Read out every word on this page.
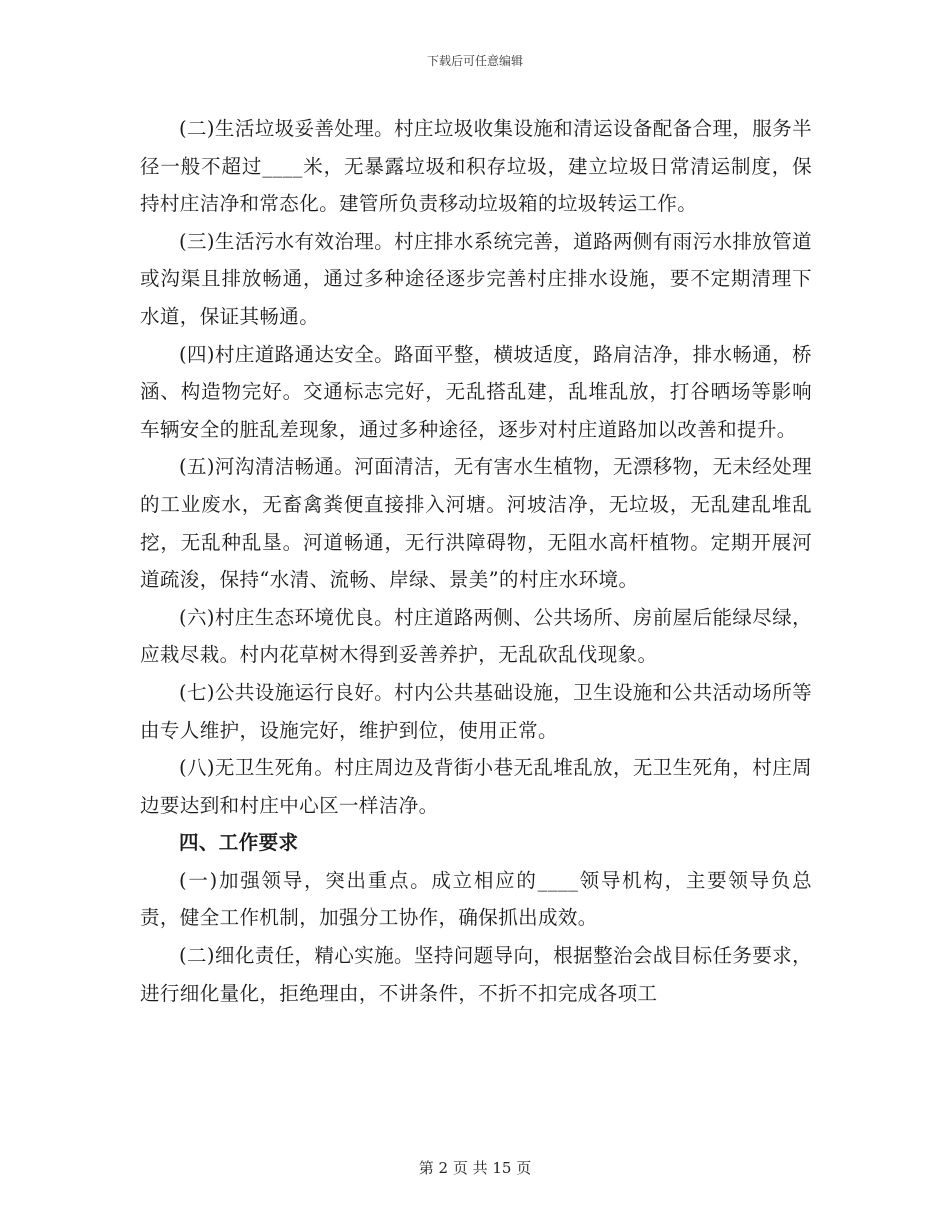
下载后可任意编辑

(二)生活垃圾妥善处理。村庄垃圾收集设施和清运设备配备合理，服务半径一般不超过____米，无暴露垃圾和积存垃圾，建立垃圾日常清运制度，保持村庄洁净和常态化。建管所负责移动垃圾箱的垃圾转运工作。

(三)生活污水有效治理。村庄排水系统完善，道路两侧有雨污水排放管道或沟渠且排放畅通，通过多种途径逐步完善村庄排水设施，要不定期清理下水道，保证其畅通。

(四)村庄道路通达安全。路面平整，横坡适度，路肩洁净，排水畅通，桥涵、构造物完好。交通标志完好，无乱搭乱建，乱堆乱放，打谷晒场等影响车辆安全的脏乱差现象，通过多种途径，逐步对村庄道路加以改善和提升。

(五)河沟清洁畅通。河面清洁，无有害水生植物，无漂移物，无未经处理的工业废水，无畜禽粪便直接排入河塘。河坡洁净，无垃圾，无乱建乱堆乱挖，无乱种乱垦。河道畅通，无行洪障碍物，无阻水高杆植物。定期开展河道疏浚，保持“水清、流畅、岸绿、景美”的村庄水环境。

(六)村庄生态环境优良。村庄道路两侧、公共场所、房前屋后能绿尽绿，应栽尽栽。村内花草树木得到妥善养护，无乱砍乱伐现象。

(七)公共设施运行良好。村内公共基础设施，卫生设施和公共活动场所等由专人维护，设施完好，维护到位，使用正常。

(八)无卫生死角。村庄周边及背街小巷无乱堆乱放，无卫生死角，村庄周边要达到和村庄中心区一样洁净。

四、工作要求

(一)加强领导，突出重点。成立相应的____领导机构，主要领导负总责，健全工作机制，加强分工协作，确保抓出成效。

(二)细化责任，精心实施。坚持问题导向，根据整治会战目标任务要求，进行细化量化，拒绝理由，不讲条件，不折不扣完成各项工

第 2 页 共 15 页
